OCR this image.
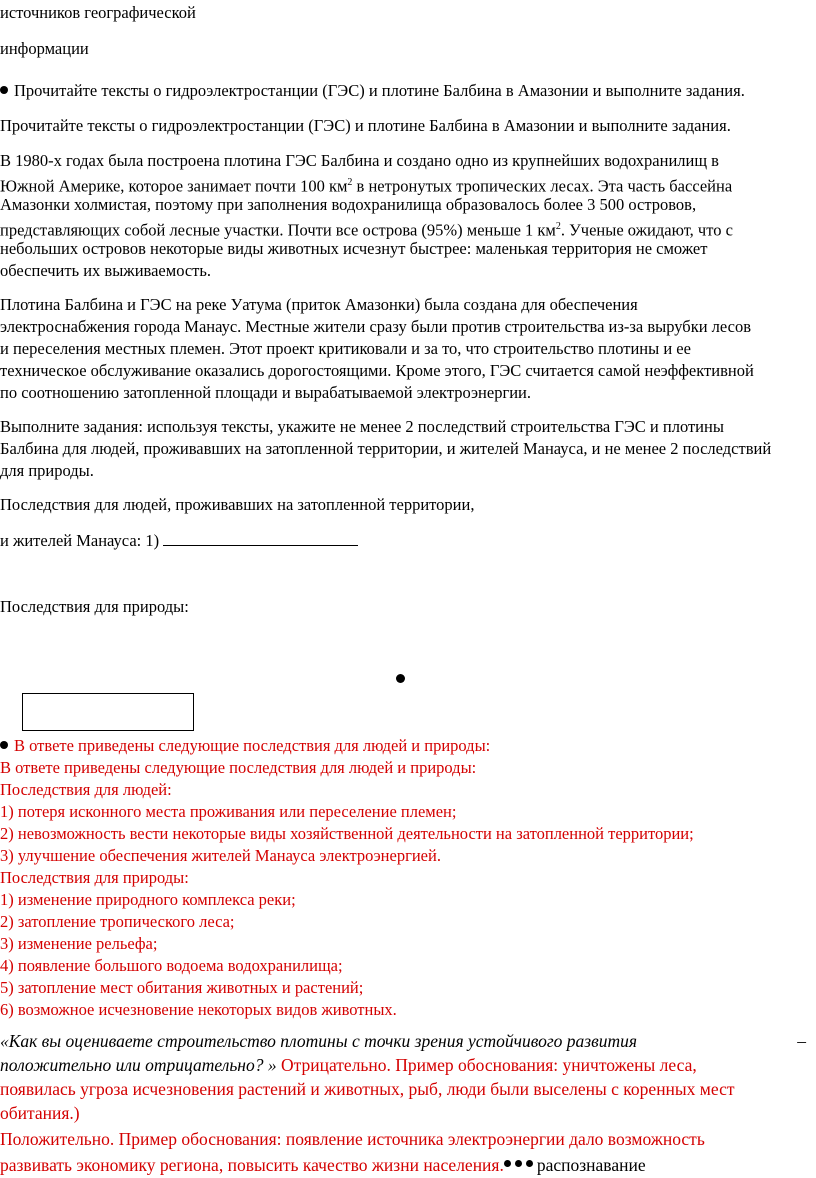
источников географической

информации

Прочитайте тексты о гидроэлектростанции (ГЭС) и плотине Балбина в Амазонии и выполните задания.

Прочитайте тексты о гидроэлектростанции (ГЭС) и плотине Балбина в Амазонии и выполните задания.

В 1980-х годах была построена плотина ГЭС Балбина и создано одно из крупнейших водохранилищ в

Южной Америке, которое занимает почти 100 $км^2$ в нетронутых тропических лесах. Эта часть бассейна

Амазонки холмистая, поэтому при заполнения водохранилища образовалось более 3 500 островов,

представляющих собой лесные участки. Почти все острова (95%) меньше 1 $км^2$. Ученые ожидают, что с

небольших островов некоторые виды животных исчезнут быстрее: маленькая территория не сможет

обеспечить их выживаемость.

Плотина Балбина и ГЭС на реке Уатума (приток Амазонки) была создана для обеспечения

электроснабжения города Манаус. Местные жители сразу были против строительства из-за вырубки лесов

и переселения местных племен. Этот проект критиковали и за то, что строительство плотины и ее

техническое обслуживание оказались дорогостоящими. Кроме этого, ГЭС считается самой неэффективной

по соотношению затопленной площади и вырабатываемой электроэнергии.

Выполните задания: используя тексты, укажите не менее 2 последствий строительства ГЭС и плотины

Балбина для людей, проживавших на затопленной территории, и жителей Манауса, и не менее 2 последствий

для природы.

Последствия для людей, проживавших на затопленной территории,

и жителей Манауса: 1)

Последствия для природы:

В ответе приведены следующие последствия для людей и природы:

В ответе приведены следующие последствия для людей и природы:

Последствия для людей:

1) потеря исконного места проживания или переселение племен;

2) невозможность вести некоторые виды хозяйственной деятельности на затопленной территории;

3) улучшение обеспечения жителей Манауса электроэнергией.

Последствия для природы:

1) изменение природного комплекса реки;

2) затопление тропического леса;

3) изменение рельефа;

4) появление большого водоема водохранилища;

5) затопление мест обитания животных и растений;

6) возможное исчезновение некоторых видов животных.

«Как вы оцениваете строительство плотины с точки зрения устойчивого развития	–

положительно или отрицательно? » Отрицательно. Пример обоснования: уничтожены леса,

появилась угроза исчезновения растений и животных, рыб, люди были выселены с коренных мест

обитания.)

Положительно. Пример обоснования: появление источника электроэнергии дало возможность

развивать экономику региона, повысить качество жизни населения. распознавание
